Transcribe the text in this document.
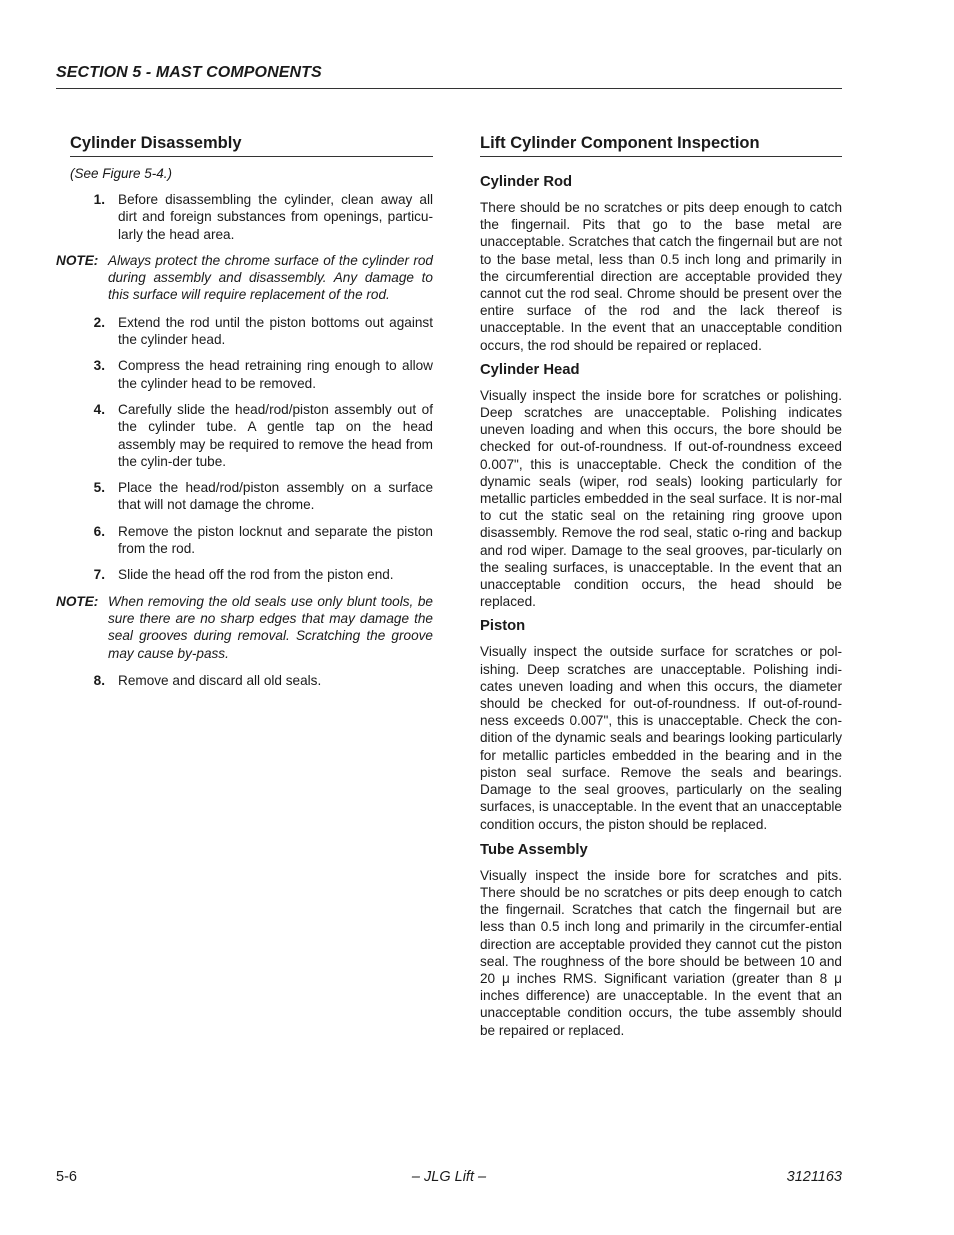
SECTION 5 - MAST COMPONENTS
Cylinder Disassembly
(See Figure 5-4.)
1. Before disassembling the cylinder, clean away all dirt and foreign substances from openings, particu-larly the head area.
NOTE: Always protect the chrome surface of the cylinder rod during assembly and disassembly. Any damage to this surface will require replacement of the rod.
2. Extend the rod until the piston bottoms out against the cylinder head.
3. Compress the head retraining ring enough to allow the cylinder head to be removed.
4. Carefully slide the head/rod/piston assembly out of the cylinder tube. A gentle tap on the head assembly may be required to remove the head from the cylin-der tube.
5. Place the head/rod/piston assembly on a surface that will not damage the chrome.
6. Remove the piston locknut and separate the piston from the rod.
7. Slide the head off the rod from the piston end.
NOTE: When removing the old seals use only blunt tools, be sure there are no sharp edges that may damage the seal grooves during removal. Scratching the groove may cause by-pass.
8. Remove and discard all old seals.
Lift Cylinder Component Inspection
Cylinder Rod

There should be no scratches or pits deep enough to catch the fingernail. Pits that go to the base metal are unacceptable. Scratches that catch the fingernail but are not to the base metal, less than 0.5 inch long and primarily in the circumferential direction are acceptable provided they cannot cut the rod seal. Chrome should be present over the entire surface of the rod and the lack thereof is unacceptable. In the event that an unacceptable condition occurs, the rod should be repaired or replaced.

Cylinder Head

Visually inspect the inside bore for scratches or polishing. Deep scratches are unacceptable. Polishing indicates uneven loading and when this occurs, the bore should be checked for out-of-roundness. If out-of-roundness exceed 0.007", this is unacceptable. Check the condition of the dynamic seals (wiper, rod seals) looking particularly for metallic particles embedded in the seal surface. It is nor-mal to cut the static seal on the retaining ring groove upon disassembly. Remove the rod seal, static o-ring and backup and rod wiper. Damage to the seal grooves, par-ticularly on the sealing surfaces, is unacceptable. In the event that an unacceptable condition occurs, the head should be replaced.

Piston

Visually inspect the outside surface for scratches or pol-ishing. Deep scratches are unacceptable. Polishing indi-cates uneven loading and when this occurs, the diameter should be checked for out-of-roundness. If out-of-round-ness exceeds 0.007", this is unacceptable. Check the con-dition of the dynamic seals and bearings looking particularly for metallic particles embedded in the bearing and in the piston seal surface. Remove the seals and bearings. Damage to the seal grooves, particularly on the sealing surfaces, is unacceptable. In the event that an unacceptable condition occurs, the piston should be replaced.

Tube Assembly

Visually inspect the inside bore for scratches and pits. There should be no scratches or pits deep enough to catch the fingernail. Scratches that catch the fingernail but are less than 0.5 inch long and primarily in the circumfer-ential direction are acceptable provided they cannot cut the piston seal. The roughness of the bore should be between 10 and 20 μ inches RMS. Significant variation (greater than 8 μ inches difference) are unacceptable. In the event that an unacceptable condition occurs, the tube assembly should be repaired or replaced.

5-6	– JLG Lift –	3121163
